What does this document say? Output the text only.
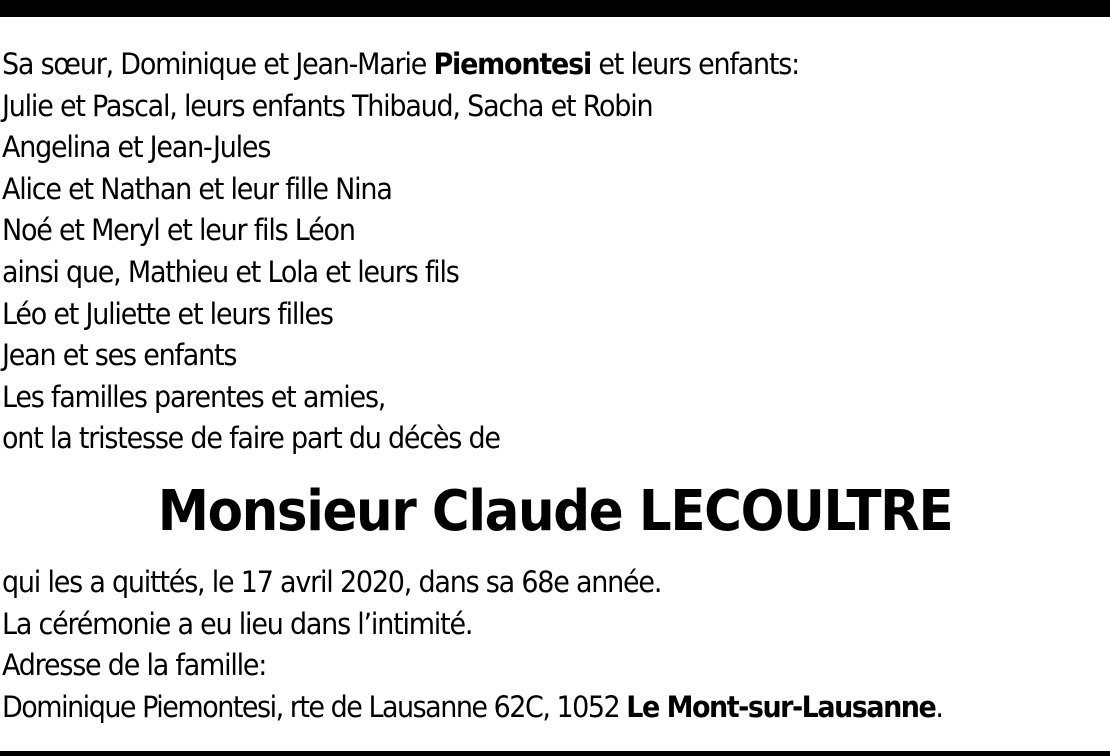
Sa sœur, Dominique et Jean-Marie Piemontesi et leurs enfants:
Julie et Pascal, leurs enfants Thibaud, Sacha et Robin
Angelina et Jean-Jules
Alice et Nathan et leur fille Nina
Noé et Meryl et leur fils Léon
ainsi que, Mathieu et Lola et leurs fils
Léo et Juliette et leurs filles
Jean et ses enfants
Les familles parentes et amies,
ont la tristesse de faire part du décès de
Monsieur Claude LECOULTRE
qui les a quittés, le 17 avril 2020, dans sa 68e année.
La cérémonie a eu lieu dans l’intimité.
Adresse de la famille:
Dominique Piemontesi, rte de Lausanne 62C, 1052 Le Mont-sur-Lausanne.
